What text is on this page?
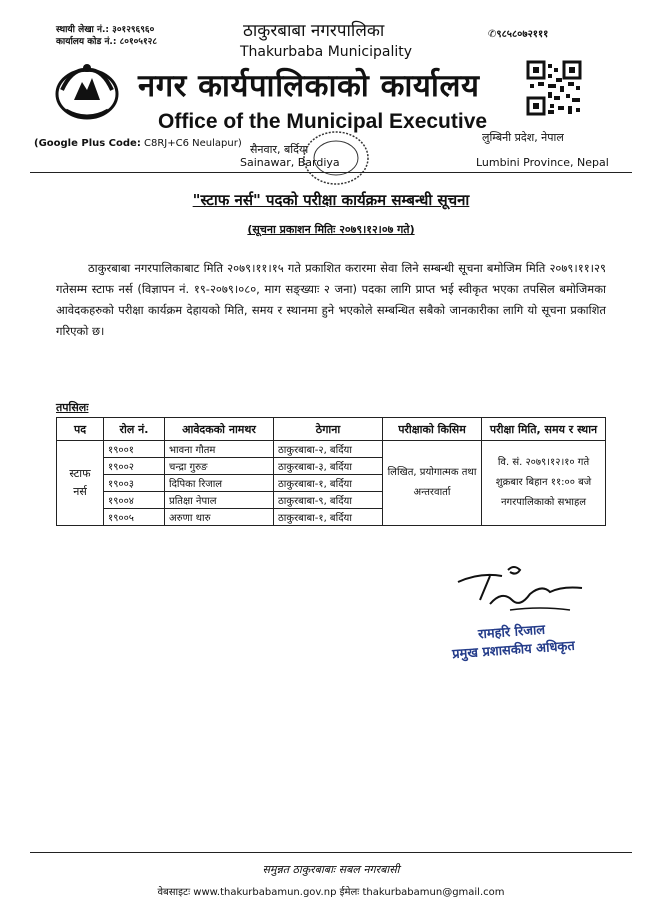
स्थायी लेखा नं.: ३०१२९६९६०
कार्यालय कोड नं.: ८०१०५१२८
✆९८५८०७२१११
ठाकुरबाबा नगरपालिका
Thakurbaba Municipality
नगर कार्यपालिकाको कार्यालय
Office of the Municipal Executive
(Google Plus Code: C8RJ+C6 Neulapur)	लुम्बिनी प्रदेश, नेपाल
सैनवार, बर्दिया
Sainawar, Bardiya	Lumbini Province, Nepal
"स्टाफ नर्स" पदको परीक्षा कार्यक्रम सम्बन्धी सूचना
(सूचना प्रकाशन मितिः २०७९।१२।०७ गते)
ठाकुरबाबा नगरपालिकाबाट मिति २०७९।११।१५ गते प्रकाशित करारमा सेवा लिने सम्बन्धी सूचना बमोजिम मिति २०७९।११।२९ गतेसम्म स्टाफ नर्स (विज्ञापन नं. १९-२०७९।०८०, माग सङ्ख्याः २ जना) पदका लागि प्राप्त भई स्वीकृत भएका तपसिल बमोजिमका आवेदकहरुको परीक्षा कार्यक्रम देहायको मिति, समय र स्थानमा हुने भएकोले सम्बन्धित सबैको जानकारीका लागि यो सूचना प्रकाशित गरिएको छ।
तपसिलः
पद	रोल नं.	आवेदकको नामथर	ठेगाना	परीक्षाको किसिम	परीक्षा मिति, समय र स्थान
स्टाफ नर्स	१९००१	भावना गौतम	ठाकुरबाबा-२, बर्दिया	लिखित, प्रयोगात्मक तथा अन्तरवार्ता	वि. सं. २०७९।१२।१० गते शुक्रबार बिहान ११:०० बजे नगरपालिकाको सभाहल
	१९००२	चन्द्रा गुरुङ	ठाकुरबाबा-३, बर्दिया		
	१९००३	दिपिका रिजाल	ठाकुरबाबा-१, बर्दिया		
	१९००४	प्रतिक्षा नेपाल	ठाकुरबाबा-९, बर्दिया		
	१९००५	अरुणा थारु	ठाकुरबाबा-१, बर्दिया		
रामहरि रिजाल
प्रमुख प्रशासकीय अधिकृत
समुन्नत ठाकुरबाबाः सबल नगरबासी
वेबसाइटः www.thakurbabamun.gov.np ईमेलः thakurbabamun@gmail.com
